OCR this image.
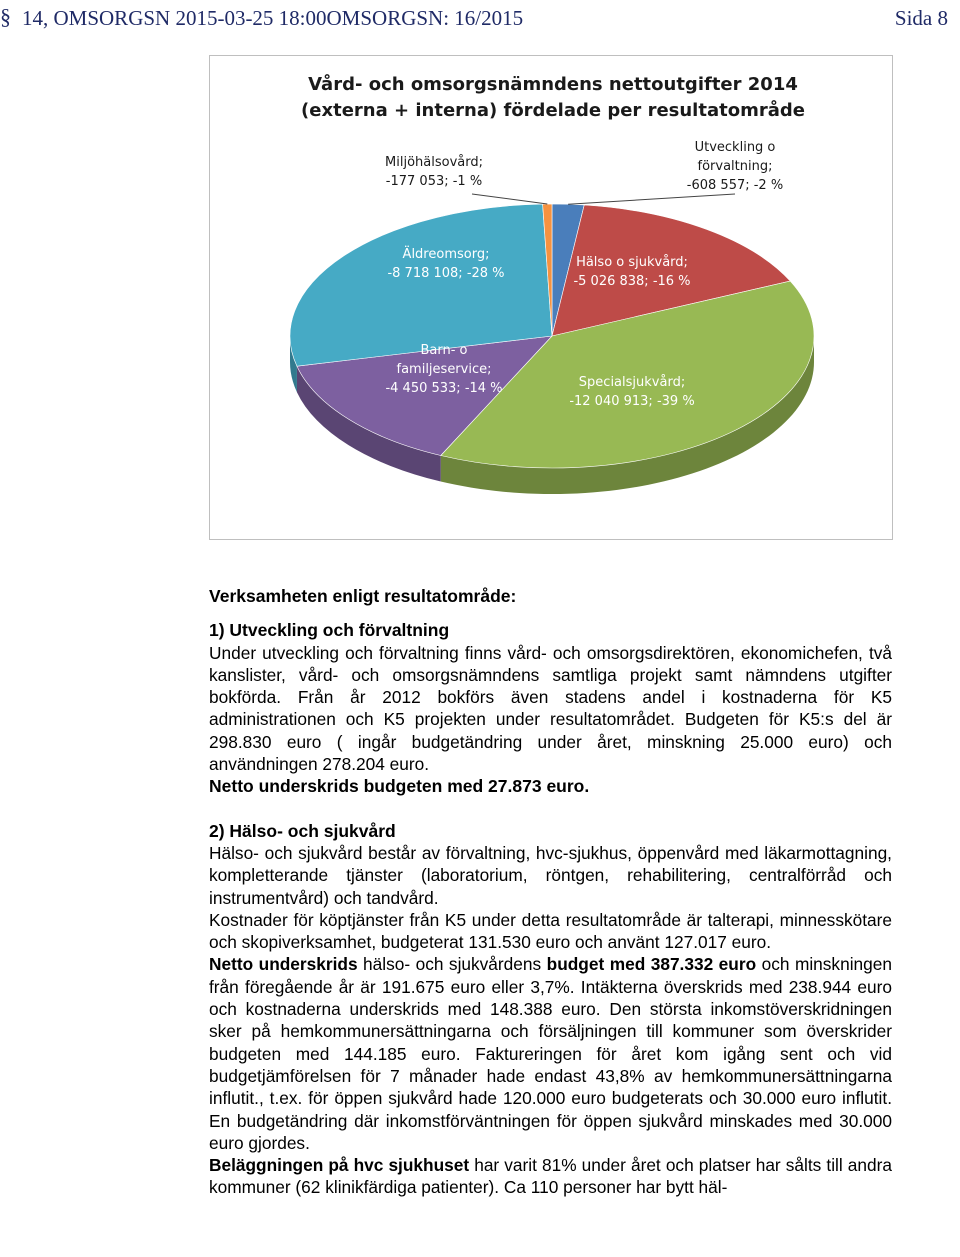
§ 14, OMSORGSN 2015-03-25 18:00OMSORGSN: 16/2015	Sida 8
Vård- och omsorgsnämndens nettoutgifter 2014
(externa + interna) fördelade per resultatområde
Utveckling o förvaltning; -608 557; -2 %
Hälso o sjukvård; -5 026 838; -16 %
Specialsjukvård; -12 040 913; -39 %
Barn- o familjeservice; -4 450 533; -14 %
Äldreomsorg; -8 718 108; -28 %
Miljöhälsovård; -177 053; -1 %

Verksamheten enligt resultatområde:

1) Utveckling och förvaltning

Under utveckling och förvaltning finns vård- och omsorgsdirektören, ekonomichefen, två kanslister, vård- och omsorgsnämndens samtliga projekt samt nämndens utgifter bokförda. Från år 2012 bokförs även stadens andel i kostnaderna för K5 administrationen och K5 projekten under resultatområdet. Budgeten för K5:s del är 298.830 euro ( ingår budgetändring under året, minskning 25.000 euro) och användningen 278.204 euro.

Netto underskrids budgeten med 27.873 euro.

2) Hälso- och sjukvård

Hälso- och sjukvård består av förvaltning, hvc-sjukhus, öppenvård med läkarmottagning, kompletterande tjänster (laboratorium, röntgen, rehabilitering, centralförråd och instrumentvård) och tandvård.

Kostnader för köptjänster från K5 under detta resultatområde är talterapi, minnesskötare och skopiverksamhet, budgeterat 131.530 euro och använt 127.017 euro.

Netto underskrids hälso- och sjukvårdens budget med 387.332 euro och minskningen från föregående år är 191.675 euro eller 3,7%. Intäkterna överskrids med 238.944 euro och kostnaderna underskrids med 148.388 euro. Den största inkomstöverskridningen sker på hemkommunersättningarna och försäljningen till kommuner som överskrider budgeten med 144.185 euro. Faktureringen för året kom igång sent och vid budgetjämförelsen för 7 månader hade endast 43,8% av hemkommunersättningarna influtit., t.ex. för öppen sjukvård hade 120.000 euro budgeterats och 30.000 euro influtit. En budgetändring där inkomstförväntningen för öppen sjukvård minskades med 30.000 euro gjordes.

Beläggningen på hvc sjukhuset har varit 81% under året och platser har sålts till andra kommuner (62 klinikfärdiga patienter). Ca 110 personer har bytt häl-
